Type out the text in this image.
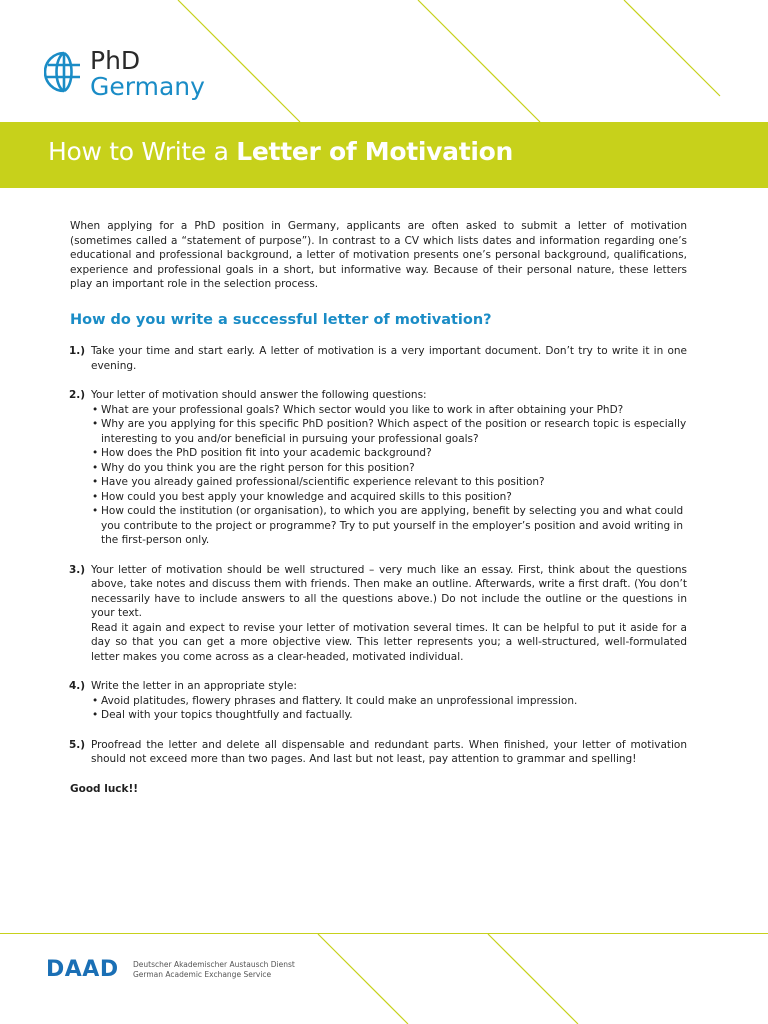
PhD
Germany
How to Write a Letter of Motivation

When applying for a PhD position in Germany, applicants are often asked to submit a letter of motivation (sometimes called a “statement of purpose”). In contrast to a CV which lists dates and information regarding one’s educational and professional background, a letter of motivation presents one’s personal background, qualifications, experience and professional goals in a short, but informative way. Because of their personal nature, these letters play an important role in the selection process.

How do you write a successful letter of motivation?
1.) Take your time and start early. A letter of motivation is a very important document. Don’t try to write it in one evening.

2.) Your letter of motivation should answer the following questions:

• What are your professional goals? Which sector would you like to work in after obtaining your PhD?
• Why are you applying for this specific PhD position? Which aspect of the position or research topic is especially interesting to you and/or beneficial in pursuing your professional goals?
• How does the PhD position fit into your academic background?
• Why do you think you are the right person for this position?
• Have you already gained professional/scientific experience relevant to this position?
• How could you best apply your knowledge and acquired skills to this position?
• How could the institution (or organisation), to which you are applying, benefit by selecting you and what could you contribute to the project or programme? Try to put yourself in the employer’s position and avoid writing in the first-person only.
3.) Your letter of motivation should be well structured – very much like an essay. First, think about the questions above, take notes and discuss them with friends. Then make an outline. Afterwards, write a first draft. (You don’t necessarily have to include answers to all the questions above.) Do not include the outline or the questions in your text.

Read it again and expect to revise your letter of motivation several times. It can be helpful to put it aside for a day so that you can get a more objective view. This letter represents you; a well-structured, well-formulated letter makes you come across as a clear-headed, motivated individual.

4.) Write the letter in an appropriate style:

• Avoid platitudes, flowery phrases and flattery. It could make an unprofessional impression.
• Deal with your topics thoughtfully and factually.
5.) Proofread the letter and delete all dispensable and redundant parts. When finished, your letter of motivation should not exceed more than two pages. And last but not least, pay attention to grammar and spelling!

Good luck!!
DAAD Deutscher Akademischer Austausch Dienst
German Academic Exchange Service
